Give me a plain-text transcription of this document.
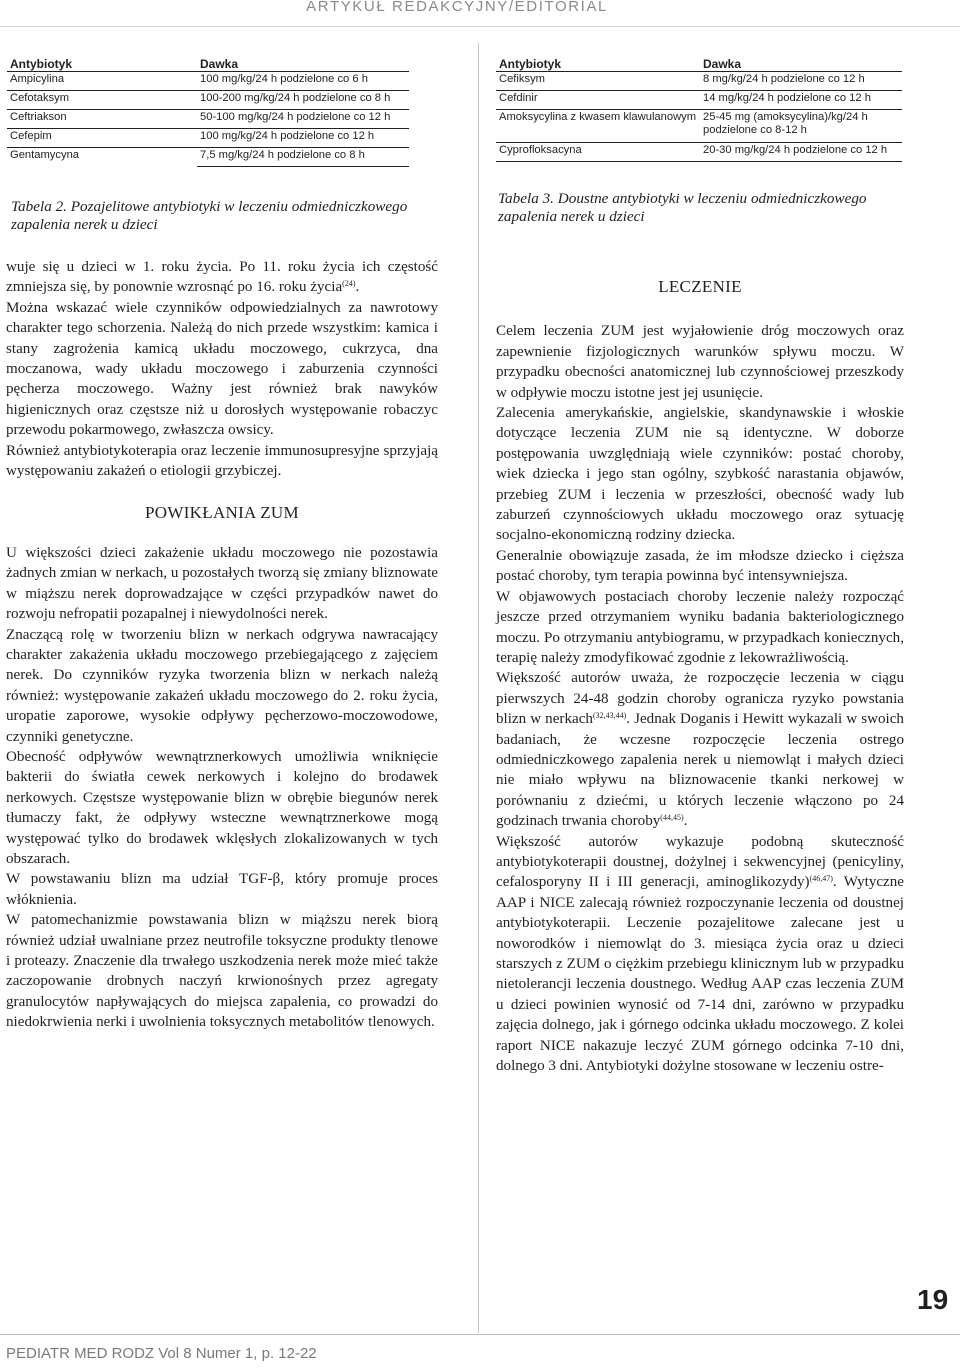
ARTYKUŁ REDAKCYJNY/EDITORIAL

Antybiotyk	Dawka
Ampicylina	100 mg/kg/24 h podzielone co 6 h
Cefotaksym	100-200 mg/kg/24 h podzielone co 8 h
Ceftriakson	50-100 mg/kg/24 h podzielone co 12 h
Cefepim	100 mg/kg/24 h podzielone co 12 h
Gentamycyna	7,5 mg/kg/24 h podzielone co 8 h

Tabela 2. Pozajelitowe antybiotyki w leczeniu odmiedniczkowego zapalenia nerek u dzieci

Antybiotyk	Dawka
Cefiksym	8 mg/kg/24 h podzielone co 12 h
Cefdinir	14 mg/kg/24 h podzielone co 12 h
Amoksycylina z kwasem klawulanowym	25-45 mg (amoksycylina)/kg/24 h podzielone co 8-12 h
Cyprofloksacyna	20-30 mg/kg/24 h podzielone co 12 h

Tabela 3. Doustne antybiotyki w leczeniu odmiedniczkowego zapalenia nerek u dzieci

wuje się u dzieci w 1. roku życia. Po 11. roku życia ich częstość zmniejsza się, by ponownie wzrosnąć po 16. roku życia$^{(24)}$.

Można wskazać wiele czynników odpowiedzialnych za nawrotowy charakter tego schorzenia. Należą do nich przede wszystkim: kamica i stany zagrożenia kamicą układu moczowego, cukrzyca, dna moczanowa, wady układu moczowego i zaburzenia czynności pęcherza moczowego. Ważny jest również brak nawyków higienicznych oraz częstsze niż u dorosłych występowanie robaczyc przewodu pokarmowego, zwłaszcza owsicy.

Również antybiotykoterapia oraz leczenie immunosupresyjne sprzyjają występowaniu zakażeń o etiologii grzybiczej.

POWIKŁANIA ZUM

U większości dzieci zakażenie układu moczowego nie pozostawia żadnych zmian w nerkach, u pozostałych tworzą się zmiany bliznowate w miąższu nerek doprowadzające w części przypadków nawet do rozwoju nefropatii pozapalnej i niewydolności nerek.

Znaczącą rolę w tworzeniu blizn w nerkach odgrywa nawracający charakter zakażenia układu moczowego przebiegającego z zajęciem nerek. Do czynników ryzyka tworzenia blizn w nerkach należą również: występowanie zakażeń układu moczowego do 2. roku życia, uropatie zaporowe, wysokie odpływy pęcherzowo-moczowodowe, czynniki genetyczne.

Obecność odpływów wewnątrznerkowych umożliwia wniknięcie bakterii do światła cewek nerkowych i kolejno do brodawek nerkowych. Częstsze występowanie blizn w obrębie biegunów nerek tłumaczy fakt, że odpływy wsteczne wewnątrznerkowe mogą występować tylko do brodawek wklęsłych zlokalizowanych w tych obszarach.

W powstawaniu blizn ma udział TGF-β, który promuje proces włóknienia.

W patomechanizmie powstawania blizn w miąższu nerek biorą również udział uwalniane przez neutrofile toksyczne produkty tlenowe i proteazy. Znaczenie dla trwałego uszkodzenia nerek może mieć także zaczopowanie drobnych naczyń krwionośnych przez agregaty granulocytów napływających do miejsca zapalenia, co prowadzi do niedokrwienia nerki i uwolnienia toksycznych metabolitów tlenowych.

LECZENIE

Celem leczenia ZUM jest wyjałowienie dróg moczowych oraz zapewnienie fizjologicznych warunków spływu moczu. W przypadku obecności anatomicznej lub czynnościowej przeszkody w odpływie moczu istotne jest jej usunięcie.

Zalecenia amerykańskie, angielskie, skandynawskie i włoskie dotyczące leczenia ZUM nie są identyczne. W doborze postępowania uwzględniają wiele czynników: postać choroby, wiek dziecka i jego stan ogólny, szybkość narastania objawów, przebieg ZUM i leczenia w przeszłości, obecność wady lub zaburzeń czynnościowych układu moczowego oraz sytuację socjalno-ekonomiczną rodziny dziecka.

Generalnie obowiązuje zasada, że im młodsze dziecko i cięższa postać choroby, tym terapia powinna być intensywniejsza.

W objawowych postaciach choroby leczenie należy rozpocząć jeszcze przed otrzymaniem wyniku badania bakteriologicznego moczu. Po otrzymaniu antybiogramu, w przypadkach koniecznych, terapię należy zmodyfikować zgodnie z lekowrażliwością.

Większość autorów uważa, że rozpoczęcie leczenia w ciągu pierwszych 24-48 godzin choroby ogranicza ryzyko powstania blizn w nerkach$^{(32,43,44)}$. Jednak Doganis i Hewitt wykazali w swoich badaniach, że wczesne rozpoczęcie leczenia ostrego odmiedniczkowego zapalenia nerek u niemowląt i małych dzieci nie miało wpływu na bliznowacenie tkanki nerkowej w porównaniu z dziećmi, u których leczenie włączono po 24 godzinach trwania choroby$^{(44,45)}$.

Większość autorów wykazuje podobną skuteczność antybiotykoterapii doustnej, dożylnej i sekwencyjnej (penicyliny, cefalosporyny II i III generacji, aminoglikozydy)$^{(46,47)}$. Wytyczne AAP i NICE zalecają również rozpoczynanie leczenia od doustnej antybiotykoterapii. Leczenie pozajelitowe zalecane jest u noworodków i niemowląt do 3. miesiąca życia oraz u dzieci starszych z ZUM o ciężkim przebiegu klinicznym lub w przypadku nietolerancji leczenia doustnego. Według AAP czas leczenia ZUM u dzieci powinien wynosić od 7-14 dni, zarówno w przypadku zajęcia dolnego, jak i górnego odcinka układu moczowego. Z kolei raport NICE nakazuje leczyć ZUM górnego odcinka 7-10 dni, dolnego 3 dni. Antybiotyki dożylne stosowane w leczeniu ostre-

19

PEDIATR MED RODZ Vol 8 Numer 1, p. 12-22
